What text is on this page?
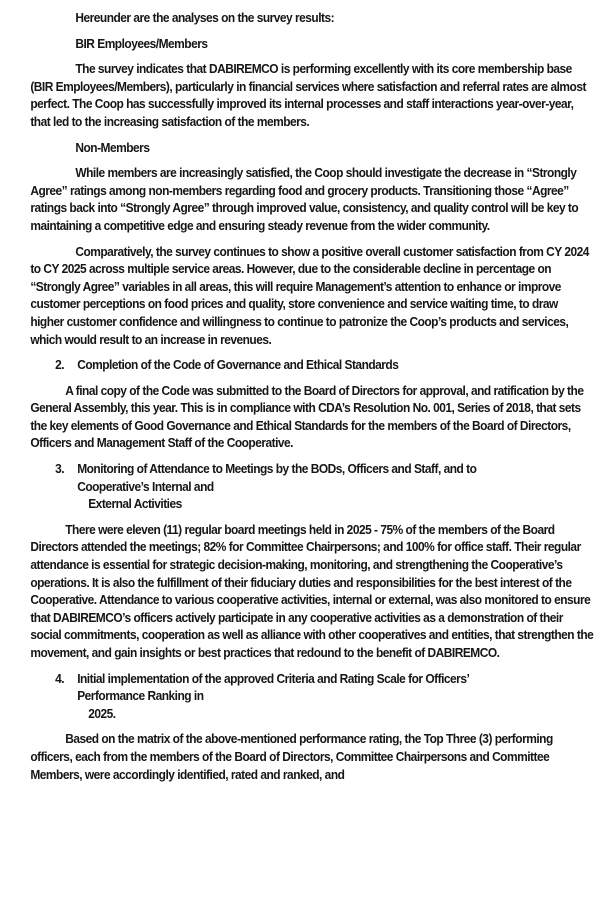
Hereunder are the analyses on the survey results:

BIR Employees/Members

The survey indicates that DABIREMCO is performing excellently with its core membership base (BIR Employees/Members), particularly in financial services where satisfaction and referral rates are almost perfect. The Coop has successfully improved its internal processes and staff interactions year-over-year, that led to the increasing satisfaction of the members.

Non-Members

While members are increasingly satisfied, the Coop should investigate the decrease in “Strongly Agree” ratings among non-members regarding food and grocery products. Transitioning those “Agree” ratings back into “Strongly Agree” through improved value, consistency, and quality control will be key to maintaining a competitive edge and ensuring steady revenue from the wider community.

Comparatively, the survey continues to show a positive overall customer satisfaction from CY 2024 to CY 2025 across multiple service areas. However, due to the considerable decline in percentage on “Strongly Agree” variables in all areas, this will require Management’s attention to enhance or improve customer perceptions on food prices and quality, store convenience and service waiting time, to draw higher customer confidence and willingness to continue to patronize the Coop’s products and services, which would result to an increase in revenues.

2.	Completion of the Code of Governance and Ethical Standards

A final copy of the Code was submitted to the Board of Directors for approval, and ratification by the General Assembly, this year. This is in compliance with CDA’s Resolution No. 001, Series of 2018, that sets the key elements of Good Governance and Ethical Standards for the members of the Board of Directors, Officers and Management Staff of the Cooperative.

3.	Monitoring of Attendance to Meetings by the BODs, Officers and Staff, and to
Cooperative’s Internal and
External Activities

There were eleven (11) regular board meetings held in 2025 - 75% of the members of the Board Directors attended the meetings; 82% for Committee Chairpersons; and 100% for office staff. Their regular attendance is essential for strategic decision-making, monitoring, and strengthening the Cooperative’s operations. It is also the fulfillment of their fiduciary duties and responsibilities for the best interest of the Cooperative. Attendance to various cooperative activities, internal or external, was also monitored to ensure that DABIREMCO’s officers actively participate in any cooperative activities as a demonstration of their social commitments, cooperation as well as alliance with other cooperatives and entities, that strengthen the movement, and gain insights or best practices that redound to the benefit of DABIREMCO.

4.	Initial implementation of the approved Criteria and Rating Scale for Officers’
Performance Ranking in
2025.

Based on the matrix of the above-mentioned performance rating, the Top Three (3) performing officers, each from the members of the Board of Directors, Committee Chairpersons and Committee Members, were accordingly identified, rated and ranked, and
